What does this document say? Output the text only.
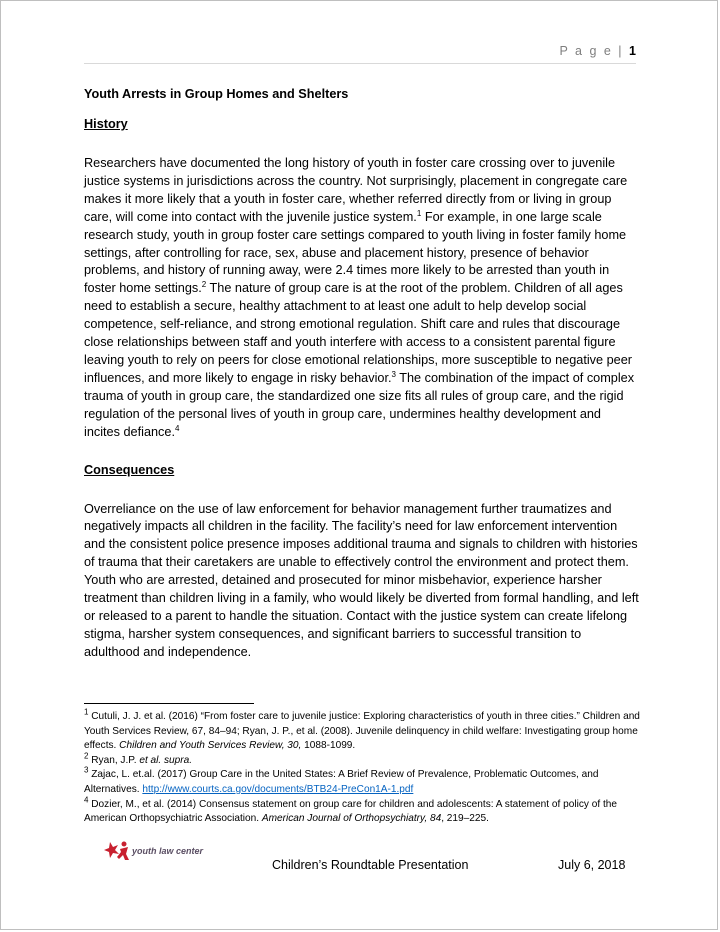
P a g e | 1

Youth Arrests in Group Homes and Shelters

History

Researchers have documented the long history of youth in foster care crossing over to juvenile justice systems in jurisdictions across the country. Not surprisingly, placement in congregate care makes it more likely that a youth in foster care, whether referred directly from or living in group care, will come into contact with the juvenile justice system.$^1$ For example, in one large scale research study, youth in group foster care settings compared to youth living in foster family home settings, after controlling for race, sex, abuse and placement history, presence of behavior problems, and history of running away, were 2.4 times more likely to be arrested than youth in foster home settings.$^2$ The nature of group care is at the root of the problem. Children of all ages need to establish a secure, healthy attachment to at least one adult to help develop social competence, self-reliance, and strong emotional regulation. Shift care and rules that discourage close relationships between staff and youth interfere with access to a consistent parental figure leaving youth to rely on peers for close emotional relationships, more susceptible to negative peer influences, and more likely to engage in risky behavior.$^3$ The combination of the impact of complex trauma of youth in group care, the standardized one size fits all rules of group care, and the rigid regulation of the personal lives of youth in group care, undermines healthy development and incites defiance.$^4$

Consequences

Overreliance on the use of law enforcement for behavior management further traumatizes and negatively impacts all children in the facility. The facility’s need for law enforcement intervention and the consistent police presence imposes additional trauma and signals to children with histories of trauma that their caretakers are unable to effectively control the environment and protect them. Youth who are arrested, detained and prosecuted for minor misbehavior, experience harsher treatment than children living in a family, who would likely be diverted from formal handling, and left or released to a parent to handle the situation. Contact with the justice system can create lifelong stigma, harsher system consequences, and significant barriers to successful transition to adulthood and independence.

$^1$ Cutuli, J. J. et al. (2016) “From foster care to juvenile justice: Exploring characteristics of youth in three cities.” Children and Youth Services Review, 67, 84–94; Ryan, J. P., et al. (2008). Juvenile delinquency in child welfare: Investigating group home effects. Children and Youth Services Review, 30, 1088-1099.

$^2$ Ryan, J.P. et al. supra.

$^3$ Zajac, L. et.al. (2017) Group Care in the United States: A Brief Review of Prevalence, Problematic Outcomes, and Alternatives. http://www.courts.ca.gov/documents/BTB24-PreCon1A-1.pdf

$^4$ Dozier, M., et al. (2014) Consensus statement on group care for children and adolescents: A statement of policy of the American Orthopsychiatric Association. American Journal of Orthopsychiatry, 84, 219–225.

youth law center
Children’s Roundtable Presentation	July 6, 2018
